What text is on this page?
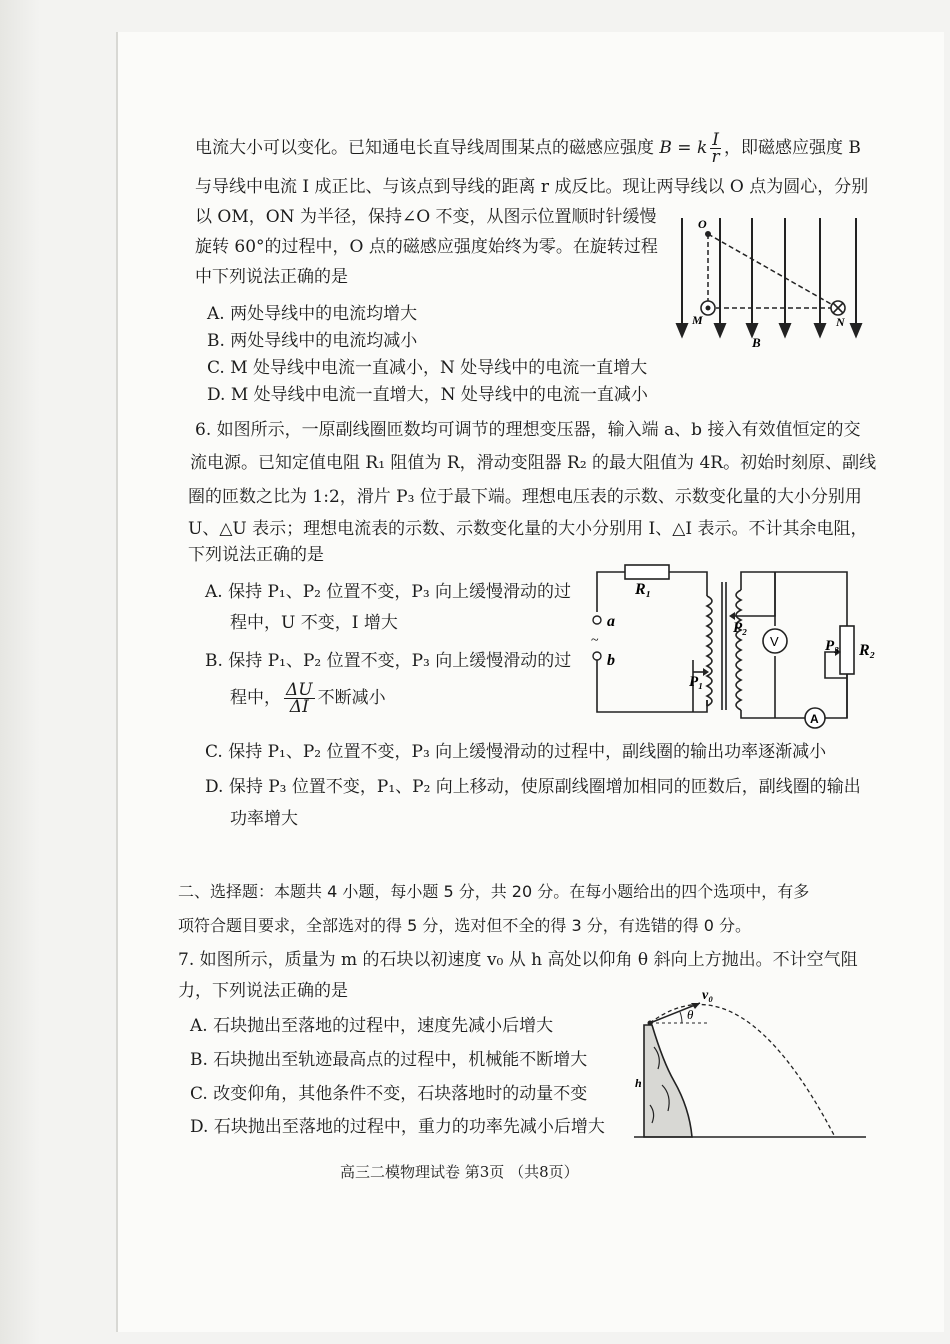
电流大小可以变化。已知通电长直导线周围某点的磁感应强度 B = k $\frac{I}{r}$ ，即磁感应强度 B
与导线中电流 I 成正比、与该点到导线的距离 r 成反比。现让两导线以 O 点为圆心，分别
以 OM，ON 为半径，保持∠O 不变，从图示位置顺时针缓慢
旋转 60°的过程中，O 点的磁感应强度始终为零。在旋转过程
中下列说法正确的是
A. 两处导线中的电流均增大
B. 两处导线中的电流均减小
C. M 处导线中电流一直减小，N 处导线中的电流一直增大
D. M 处导线中电流一直增大，N 处导线中的电流一直减小
O
M	N
B
6. 如图所示，一原副线圈匝数均可调节的理想变压器，输入端 a、b 接入有效值恒定的交
流电源。已知定值电阻 R₁ 阻值为 R，滑动变阻器 R₂ 的最大阻值为 4R。初始时刻原、副线
圈的匝数之比为 1:2，滑片 P₃ 位于最下端。理想电压表的示数、示数变化量的大小分别用
U、△U 表示；理想电流表的示数、示数变化量的大小分别用 I、△I 表示。不计其余电阻，
下列说法正确的是
A. 保持 P₁、P₂ 位置不变，P₃ 向上缓慢滑动的过
程中，U 不变，I 增大
B. 保持 P₁、P₂ 位置不变，P₃ 向上缓慢滑动的过
程中， $\frac{\Delta U}{\Delta I}$ 不断减小
C. 保持 P₁、P₂ 位置不变，P₃ 向上缓慢滑动的过程中，副线圈的输出功率逐渐减小
D. 保持 P₃ 位置不变，P₁、P₂ 向上移动，使原副线圈增加相同的匝数后，副线圈的输出
功率增大
V
A
R₁
R₂
a
b
~
P₁
P₂
P₃
二、选择题：本题共 4 小题，每小题 5 分，共 20 分。在每小题给出的四个选项中，有多
项符合题目要求，全部选对的得 5 分，选对但不全的得 3 分，有选错的得 0 分。
7. 如图所示，质量为 m 的石块以初速度 v₀ 从 h 高处以仰角 θ 斜向上方抛出。不计空气阻
力，下列说法正确的是
A. 石块抛出至落地的过程中，速度先减小后增大
B. 石块抛出至轨迹最高点的过程中，机械能不断增大
C. 改变仰角，其他条件不变，石块落地时的动量不变
D. 石块抛出至落地的过程中，重力的功率先减小后增大
v₀
θ
h
高三二模物理试卷 第3页 （共8页）
